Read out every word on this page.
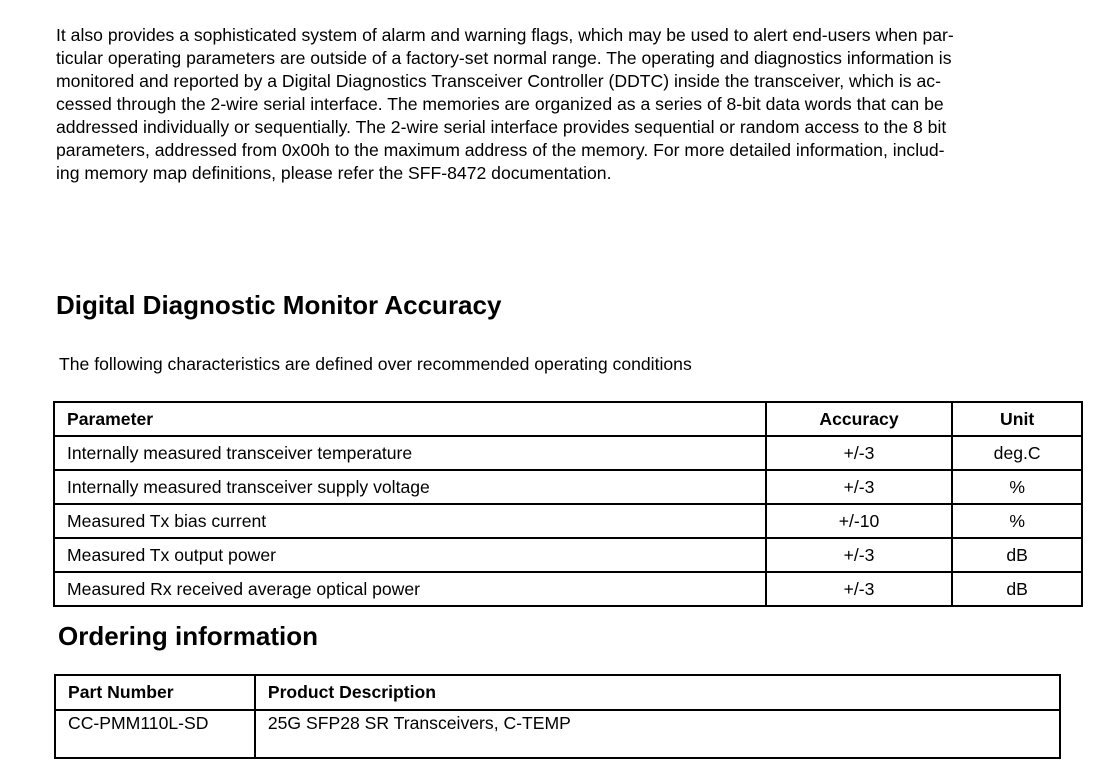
It also provides a sophisticated system of alarm and warning flags, which may be used to alert end-users when par-
ticular operating parameters are outside of a factory-set normal range. The operating and diagnostics information is
monitored and reported by a Digital Diagnostics Transceiver Controller (DDTC) inside the transceiver, which is ac-
cessed through the 2-wire serial interface. The memories are organized as a series of 8-bit data words that can be
addressed individually or sequentially. The 2-wire serial interface provides sequential or random access to the 8 bit
parameters, addressed from 0x00h to the maximum address of the memory. For more detailed information, includ-
ing memory map definitions, please refer the SFF-8472 documentation.

Digital Diagnostic Monitor Accuracy

The following characteristics are defined over recommended operating conditions

Parameter	Accuracy	Unit
Internally measured transceiver temperature	+/-3	deg.C
Internally measured transceiver supply voltage	+/-3	%
Measured Tx bias current	+/-10	%
Measured Tx output power	+/-3	dB
Measured Rx received average optical power	+/-3	dB
Ordering information
Part Number	Product Description
CC-PMM110L-SD	25G SFP28 SR Transceivers, C-TEMP
